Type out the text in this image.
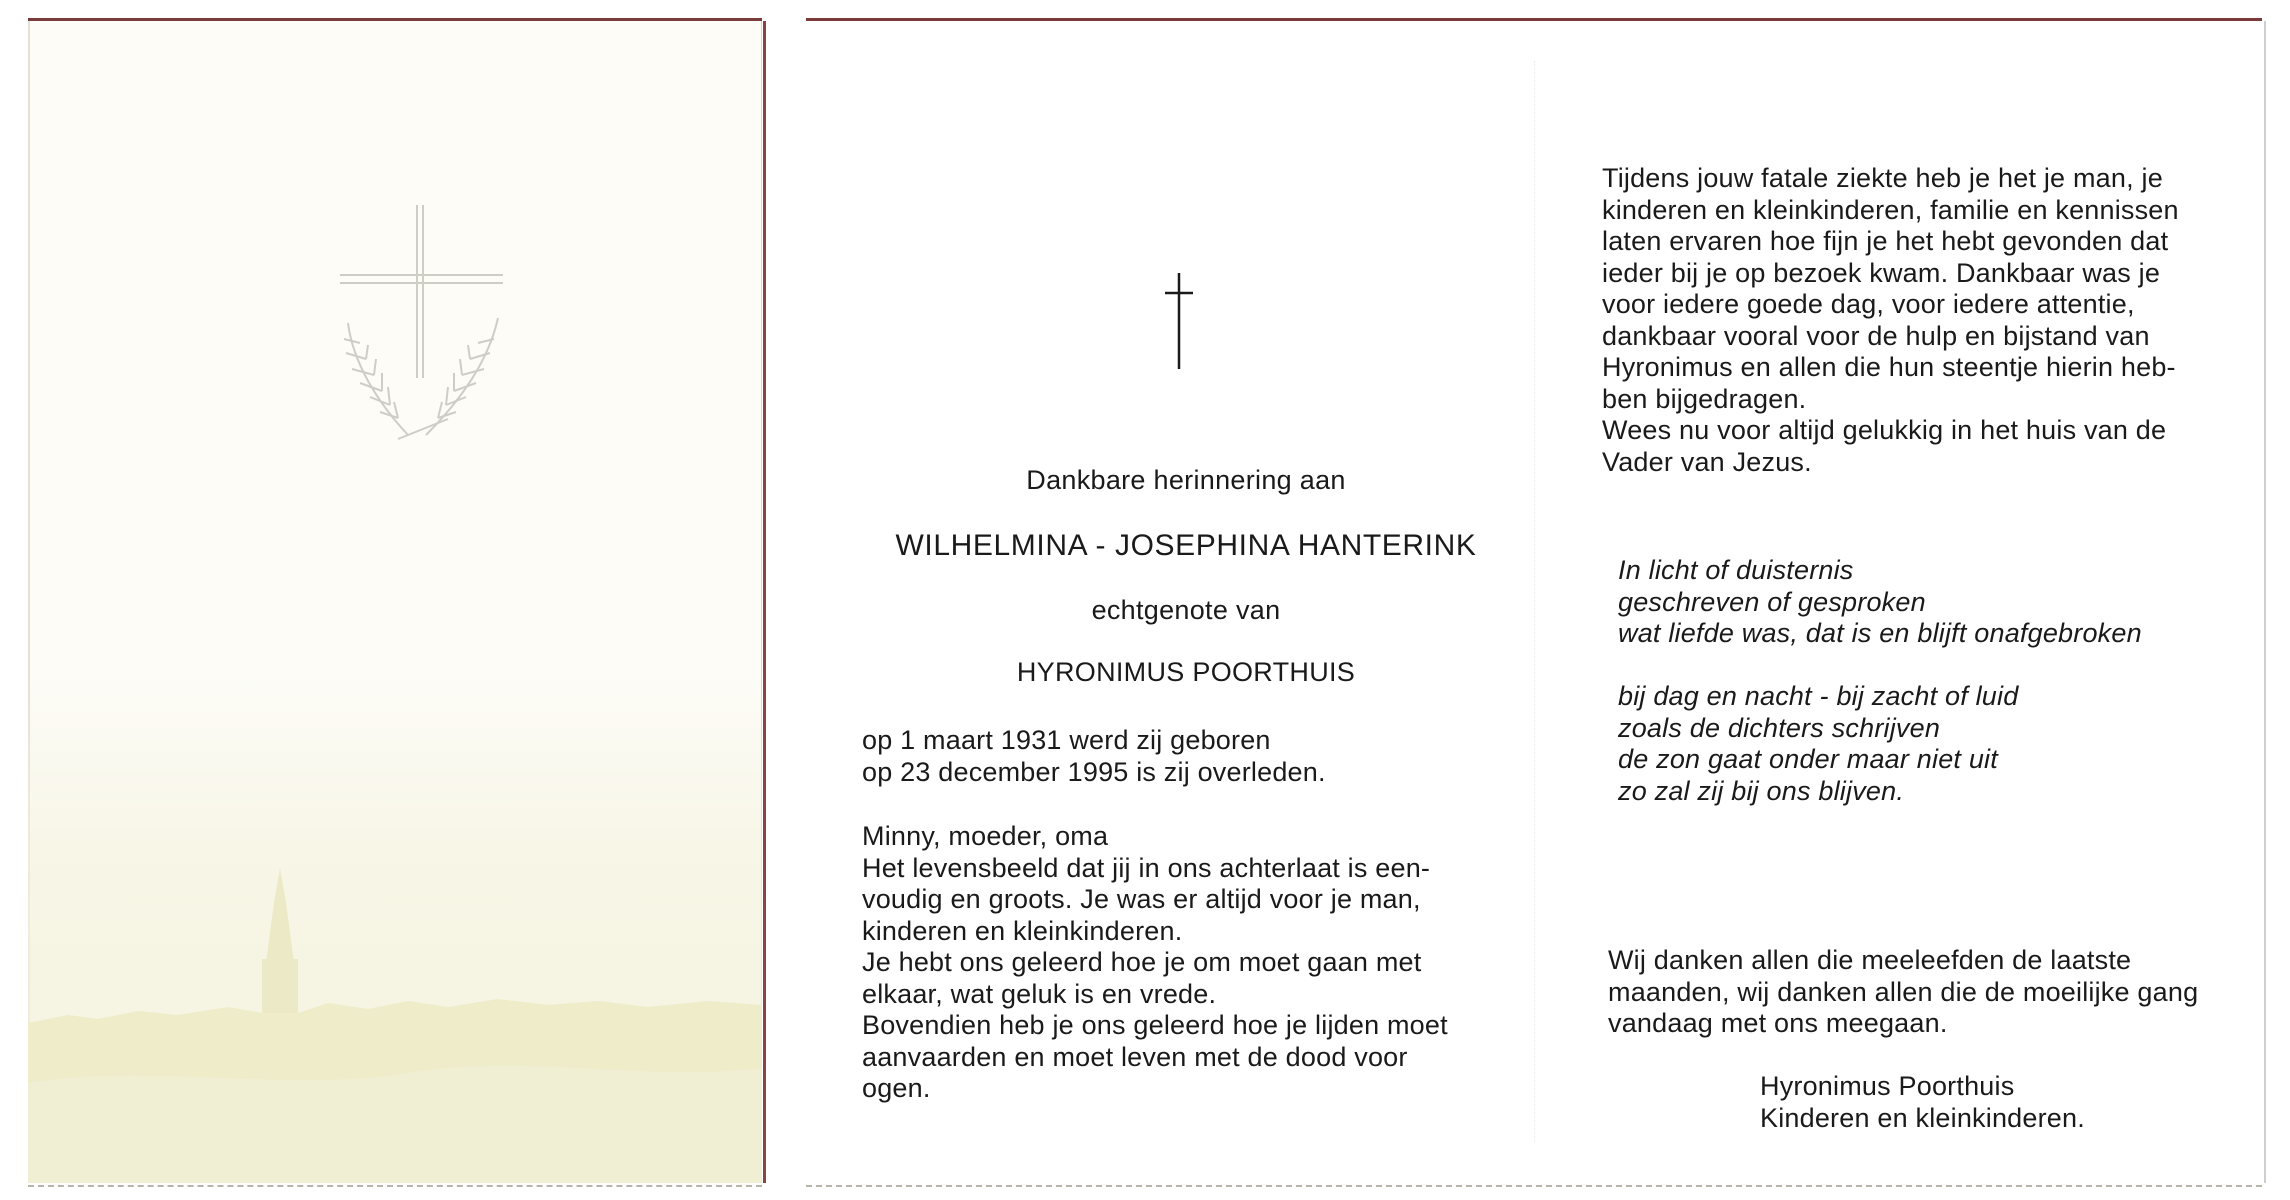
Dankbare herinnering aan
WILHELMINA - JOSEPHINA HANTERINK
echtgenote van
HYRONIMUS POORTHUIS
op 1 maart 1931 werd zij geboren
op 23 december 1995 is zij overleden.
Minny, moeder, oma
Het levensbeeld dat jij in ons achterlaat is een-
voudig en groots. Je was er altijd voor je man,
kinderen en kleinkinderen.
Je hebt ons geleerd hoe je om moet gaan met
elkaar, wat geluk is en vrede.
Bovendien heb je ons geleerd hoe je lijden moet
aanvaarden en moet leven met de dood voor
ogen.
Tijdens jouw fatale ziekte heb je het je man, je
kinderen en kleinkinderen, familie en kennissen
laten ervaren hoe fijn je het hebt gevonden dat
ieder bij je op bezoek kwam. Dankbaar was je
voor iedere goede dag, voor iedere attentie,
dankbaar vooral voor de hulp en bijstand van
Hyronimus en allen die hun steentje hierin heb-
ben bijgedragen.
Wees nu voor altijd gelukkig in het huis van de
Vader van Jezus.
In licht of duisternis
geschreven of gesproken
wat liefde was, dat is en blijft onafgebroken
bij dag en nacht - bij zacht of luid
zoals de dichters schrijven
de zon gaat onder maar niet uit
zo zal zij bij ons blijven.
Wij danken allen die meeleefden de laatste
maanden, wij danken allen die de moeilijke gang
vandaag met ons meegaan.
Hyronimus Poorthuis
Kinderen en kleinkinderen.
